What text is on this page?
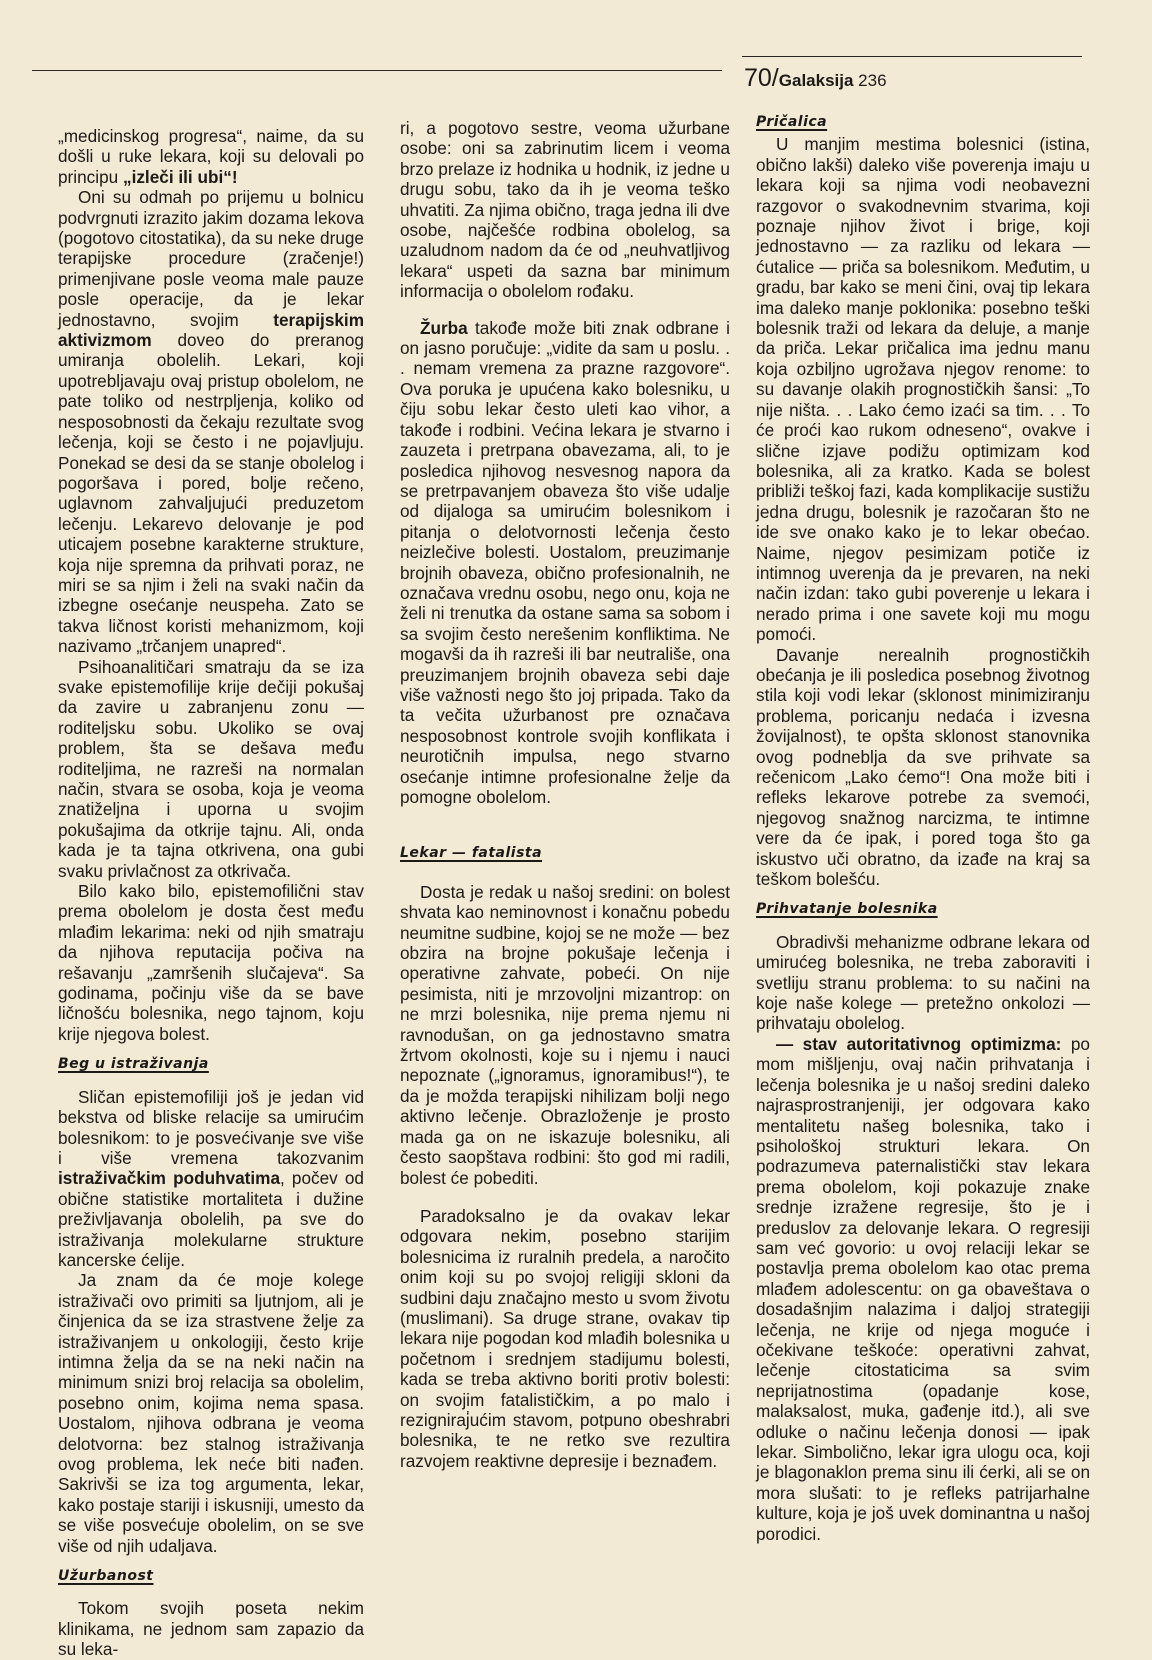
70/Galaksija 236

„medicinskog progresa“, naime, da su došli u ruke lekara, koji su delovali po principu „izleči ili ubi“!

Oni su odmah po prijemu u bolnicu podvrgnuti izrazito jakim dozama lekova (pogotovo citostatika), da su neke druge terapijske procedure (zračenje!) primenjivane posle veoma male pauze posle operacije, da je lekar jednostavno, svojim terapijskim aktivizmom doveo do preranog umiranja obolelih. Lekari, koji upotrebljavaju ovaj pristup obolelom, ne pate toliko od nestrpljenja, koliko od nesposobnosti da čekaju rezultate svog lečenja, koji se često i ne pojavljuju. Ponekad se desi da se stanje obolelog i pogoršava i pored, bolje rečeno, uglavnom zahvaljujući preduzetom lečenju. Lekarevo delovanje je pod uticajem posebne karakterne strukture, koja nije spremna da prihvati poraz, ne miri se sa njim i želi na svaki način da izbegne osećanje neuspeha. Zato se takva ličnost koristi mehanizmom, koji nazivamo „trčanjem unapred“.

Psihoanalitičari smatraju da se iza svake epistemofilije krije dečiji pokušaj da zavire u zabranjenu zonu — roditeljsku sobu. Ukoliko se ovaj problem, šta se dešava među roditeljima, ne razreši na normalan način, stvara se osoba, koja je veoma znatiželjna i uporna u svojim pokušajima da otkrije tajnu. Ali, onda kada je ta tajna otkrivena, ona gubi svaku privlačnost za otkrivača.

Bilo kako bilo, epistemofilični stav prema obolelom je dosta čest među mlađim lekarima: neki od njih smatraju da njihova reputacija počiva na rešavanju „zamršenih slučajeva“. Sa godinama, počinju više da se bave ličnošću bolesnika, nego tajnom, koju krije njegova bolest.

Beg u istraživanja

Sličan epistemofiliji još je jedan vid bekstva od bliske relacije sa umirućim bolesnikom: to je posvećivanje sve više i više vremena takozvanim istraživačkim poduhvatima, počev od obične statistike mortaliteta i dužine preživljavanja obolelih, pa sve do istraživanja molekularne strukture kancerske ćelije.

Ja znam da će moje kolege istraživači ovo primiti sa ljutnjom, ali je činjenica da se iza strastvene želje za istraživanjem u onkologiji, često krije intimna želja da se na neki način na minimum snizi broj relacija sa obolelim, posebno onim, kojima nema spasa. Uostalom, njihova odbrana je veoma delotvorna: bez stalnog istraživanja ovog problema, lek neće biti nađen. Sakrivši se iza tog argumenta, lekar, kako postaje stariji i iskusniji, umesto da se više posvećuje obolelim, on se sve više od njih udaljava.

Užurbanost

Tokom svojih poseta nekim klinikama, ne jednom sam zapazio da su leka-

ri, a pogotovo sestre, veoma užurbane osobe: oni sa zabrinutim licem i veoma brzo prelaze iz hodnika u hodnik, iz jedne u drugu sobu, tako da ih je veoma teško uhvatiti. Za njima obično, traga jedna ili dve osobe, najčešće rodbina obolelog, sa uzaludnom nadom da će od „neuhvatljivog lekara“ uspeti da sazna bar minimum informacija o obolelom rođaku.

Žurba takođe može biti znak odbrane i on jasno poručuje: „vidite da sam u poslu. . . nemam vremena za prazne razgovore“. Ova poruka je upućena kako bolesniku, u čiju sobu lekar često uleti kao vihor, a takođe i rodbini. Većina lekara je stvarno i zauzeta i pretrpana obavezama, ali, to je posledica njihovog nesvesnog napora da se pretrpavanjem obaveza što više udalje od dijaloga sa umirućim bolesnikom i pitanja o delotvornosti lečenja često neizlečive bolesti. Uostalom, preuzimanje brojnih obaveza, obično profesionalnih, ne označava vrednu osobu, nego onu, koja ne želi ni trenutka da ostane sama sa sobom i sa svojim često nerešenim konfliktima. Ne mogavši da ih razreši ili bar neutrališe, ona preuzimanjem brojnih obaveza sebi daje više važnosti nego što joj pripada. Tako da ta večita užurbanost pre označava nesposobnost kontrole svojih konflikata i neurotičnih impulsa, nego stvarno osećanje intimne profesionalne želje da pomogne obolelom.

Lekar — fatalista

Dosta je redak u našoj sredini: on bolest shvata kao neminovnost i konačnu pobedu neumitne sudbine, kojoj se ne može — bez obzira na brojne pokušaje lečenja i operativne zahvate, pobeći. On nije pesimista, niti je mrzovoljni mizantrop: on ne mrzi bolesnika, nije prema njemu ni ravnodušan, on ga jednostavno smatra žrtvom okolnosti, koje su i njemu i nauci nepoznate („ignoramus, ignoramibus!“), te da je možda terapijski nihilizam bolji nego aktivno lečenje. Obrazloženje je prosto mada ga on ne iskazuje bolesniku, ali često saopštava rodbini: što god mi radili, bolest će pobediti.

Paradoksalno je da ovakav lekar odgovara nekim, posebno starijim bolesnicima iz ruralnih predela, a naročito onim koji su po svojoj religiji skloni da sudbini daju značajno mesto u svom životu (muslimani). Sa druge strane, ovakav tip lekara nije pogodan kod mlađih bolesnika u početnom i srednjem stadijumu bolesti, kada se treba aktivno boriti protiv bolesti: on svojim fatalističkim, a po malo i rezigniraj̇ućim stavom, potpuno obeshrabri bolesnika, te ne retko sve rezultira razvojem reaktivne depresije i beznađem.

Pričalica

U manjim mestima bolesnici (istina, obično lakši) daleko više poverenja imaju u lekara koji sa njima vodi neobavezni razgovor o svakodnevnim stvarima, koji poznaje njihov život i brige, koji jednostavno — za razliku od lekara — ćutalice — priča sa bolesnikom. Međutim, u gradu, bar kako se meni čini, ovaj tip lekara ima daleko manje poklonika: posebno teški bolesnik traži od lekara da deluje, a manje da priča. Lekar pričalica ima jednu manu koja ozbiljno ugrožava njegov renome: to su davanje olakih prognostičkih šansi: „To nije ništa. . . Lako ćemo izaći sa tim. . . To će proći kao rukom odneseno“, ovakve i slične izjave podižu optimizam kod bolesnika, ali za kratko. Kada se bolest približi teškoj fazi, kada komplikacije sustižu jedna drugu, bolesnik je razočaran što ne ide sve onako kako je to lekar obećao. Naime, njegov pesimizam potiče iz intimnog uverenja da je prevaren, na neki način izdan: tako gubi poverenje u lekara i nerado prima i one savete koji mu mogu pomoći.

Davanje nerealnih prognostičkih obećanja je ili posledica posebnog životnog stila koji vodi lekar (sklonost minimiziranju problema, poricanju nedaća i izvesna žovijalnost), te opšta sklonost stanovnika ovog podneblja da sve prihvate sa rečenicom „Lako ćemo“! Ona može biti i refleks lekarove potrebe za svemoći, njegovog snažnog narcizma, te intimne vere da će ipak, i pored toga što ga iskustvo uči obratno, da izađe na kraj sa teškom bolešću.

Prihvatanje bolesnika

Obradivši mehanizme odbrane lekara od umirućeg bolesnika, ne treba zaboraviti i svetliju stranu problema: to su načini na koje naše kolege — pretežno onkolozi — prihvataju obolelog.

— stav autoritativnog optimizma: po mom mišljenju, ovaj način prihvatanja i lečenja bolesnika je u našoj sredini daleko najrasprostranjeniji, jer odgovara kako mentalitetu našeg bolesnika, tako i psihološkoj strukturi lekara. On podrazumeva paternalistički stav lekara prema obolelom, koji pokazuje znake srednje izražene regresije, što je i preduslov za delovanje lekara. O regresiji sam već govorio: u ovoj relaciji lekar se postavlja prema obolelom kao otac prema mlađem adolescentu: on ga obaveštava o dosadašnjim nalazima i daljoj strategiji lečenja, ne krije od njega moguće i očekivane teškoće: operativni zahvat, lečenje citostaticima sa svim neprijatnostima (opadanje kose, malaksalost, muka, gađenje itd.), ali sve odluke o načinu lečenja donosi — ipak lekar. Simbolično, lekar igra ulogu oca, koji je blagonaklon prema sinu ili ćerki, ali se on mora slušati: to je refleks patrijarhalne kulture, koja je još uvek dominantna u našoj porodici.
